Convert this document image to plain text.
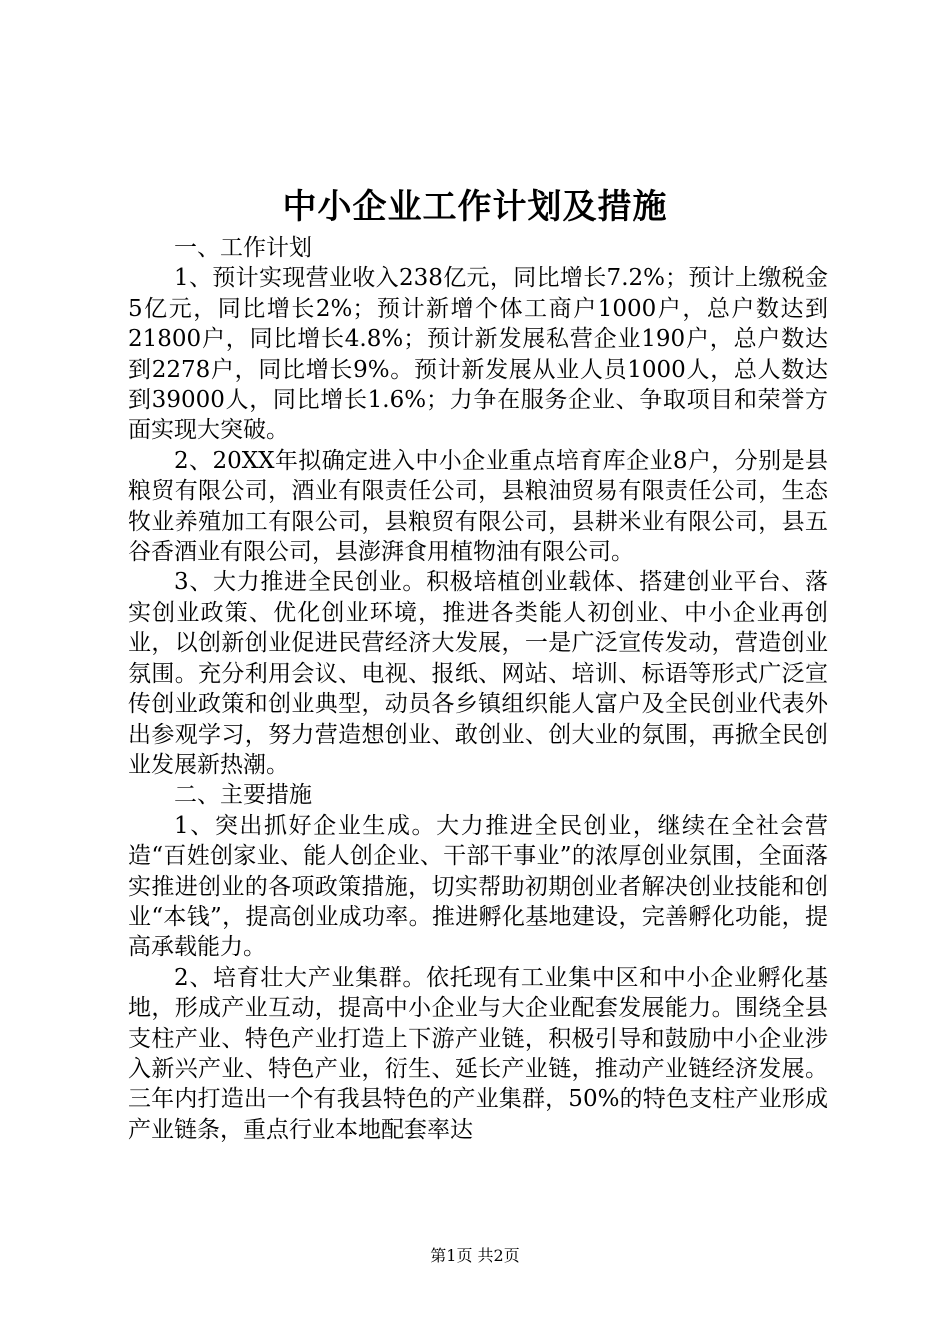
中小企业工作计划及措施

一、工作计划

1、预计实现营业收入238亿元，同比增长7.2%；预计上缴税金5亿元，同比增长2%；预计新增个体工商户1000户，总户数达到21800户，同比增长4.8%；预计新发展私营企业190户，总户数达到2278户，同比增长9%。预计新发展从业人员1000人，总人数达到39000人，同比增长1.6%；力争在服务企业、争取项目和荣誉方面实现大突破。

2、20XX年拟确定进入中小企业重点培育库企业8户，分别是县粮贸有限公司，酒业有限责任公司，县粮油贸易有限责任公司，生态牧业养殖加工有限公司，县粮贸有限公司，县耕米业有限公司，县五谷香酒业有限公司，县澎湃食用植物油有限公司。

3、大力推进全民创业。积极培植创业载体、搭建创业平台、落实创业政策、优化创业环境，推进各类能人初创业、中小企业再创业，以创新创业促进民营经济大发展，一是广泛宣传发动，营造创业氛围。充分利用会议、电视、报纸、网站、培训、标语等形式广泛宣传创业政策和创业典型，动员各乡镇组织能人富户及全民创业代表外出参观学习，努力营造想创业、敢创业、创大业的氛围，再掀全民创业发展新热潮。

二、主要措施

1、突出抓好企业生成。大力推进全民创业，继续在全社会营造“百姓创家业、能人创企业、干部干事业”的浓厚创业氛围，全面落实推进创业的各项政策措施，切实帮助初期创业者解决创业技能和创业“本钱”，提高创业成功率。推进孵化基地建设，完善孵化功能，提高承载能力。

2、培育壮大产业集群。依托现有工业集中区和中小企业孵化基地，形成产业互动，提高中小企业与大企业配套发展能力。围绕全县支柱产业、特色产业打造上下游产业链，积极引导和鼓励中小企业涉入新兴产业、特色产业，衍生、延长产业链，推动产业链经济发展。三年内打造出一个有我县特色的产业集群，50%的特色支柱产业形成产业链条，重点行业本地配套率达

第1页 共2页
